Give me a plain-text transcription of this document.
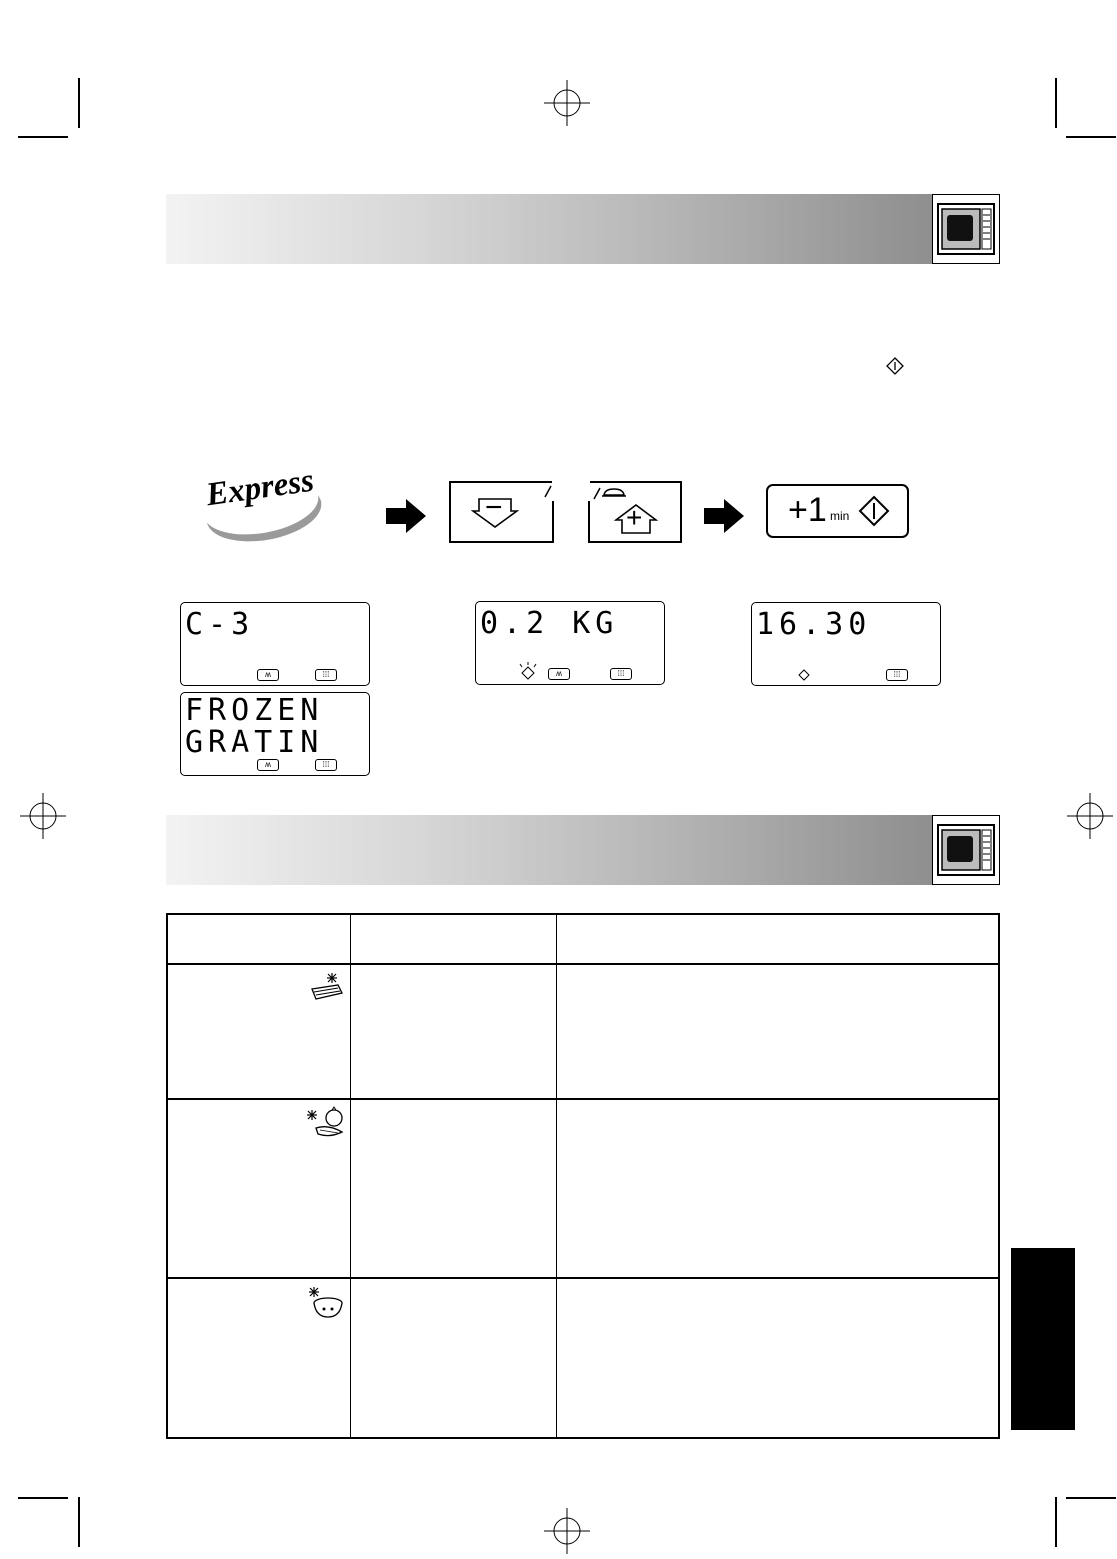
Express	−	+	+1 min
C-3
ʍ	⁞⁞⁞
FROZEN
GRATIN
ʍ	⁞⁞⁞
0.2 KG
ʍ	⁞⁞⁞
16.30
⁞⁞⁞
